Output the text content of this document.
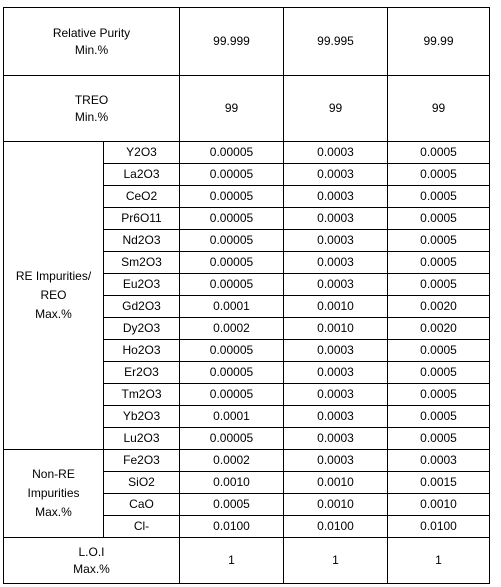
Relative Purity
Min.%		99.999	99.995	99.99

TREO
Min.%		99	99	99

RE Impurities/
REO
Max.%	Y2O3	0.00005	0.0003	0.0005
	La2O3	0.00005	0.0003	0.0005
	CeO2	0.00005	0.0003	0.0005
	Pr6O11	0.00005	0.0003	0.0005
	Nd2O3	0.00005	0.0003	0.0005
	Sm2O3	0.00005	0.0003	0.0005
	Eu2O3	0.00005	0.0003	0.0005
	Gd2O3	0.0001	0.0010	0.0020
	Dy2O3	0.0002	0.0010	0.0020
	Ho2O3	0.00005	0.0003	0.0005
	Er2O3	0.00005	0.0003	0.0005
	Tm2O3	0.00005	0.0003	0.0005
	Yb2O3	0.0001	0.0003	0.0005
	Lu2O3	0.00005	0.0003	0.0005

Non-RE
Impurities
Max.%	Fe2O3	0.0002	0.0003	0.0003
	SiO2	0.0010	0.0010	0.0015
	CaO	0.0005	0.0010	0.0010
	Cl-	0.0100	0.0100	0.0100

L.O.I
Max.%		1	1	1
